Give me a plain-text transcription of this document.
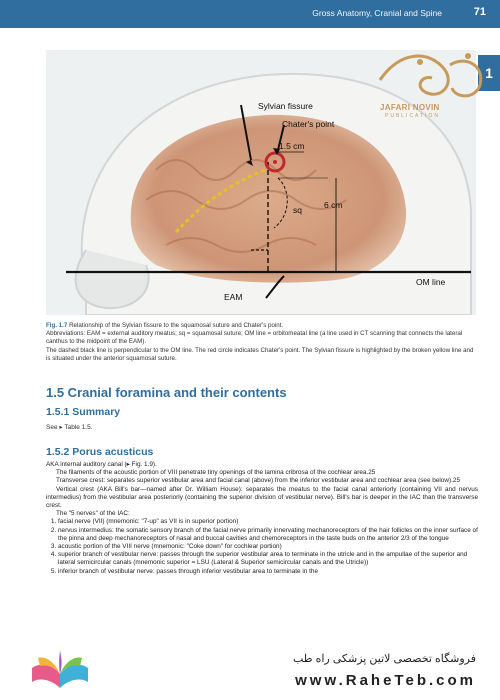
Gross Anatomy, Cranial and Spine	71
1
Sylvian fissure
Chater's point
1.5 cm
6 cm
sq
EAM
OM line
JAFARI NOVIN
PUBLICATION

Fig. 1.7 Relationship of the Sylvian fissure to the squamosal suture and Chater's point.

Abbreviations: EAM = external auditory meatus; sq = squamosal suture; OM line = orbitomeatal line (a line used in CT scanning that connects the lateral canthus to the midpoint of the EAM).

The dashed black line is perpendicular to the OM line. The red circle indicates Chater's point. The Sylvian fissure is highlighted by the broken yellow line and is situated under the anterior squamosal suture.

1.5 Cranial foramina and their contents
1.5.1 Summary
See ▸ Table 1.5.
1.5.2 Porus acusticus

AKA internal auditory canal (▸ Fig. 1.9).

The filaments of the acoustic portion of VIII penetrate tiny openings of the lamina cribrosa of the cochlear area.25

Transverse crest: separates superior vestibular area and facial canal (above) from the inferior vestibular area and cochlear area (see below).25

Vertical crest (AKA Bill's bar—named after Dr. William House): separates the meatus to the facial canal anteriorly (containing VII and nervus intermedius) from the vestibular area posteriorly (containing the superior division of vestibular nerve). Bill's bar is deeper in the IAC than the transverse crest.

The "5 nerves" of the IAC:

1. facial nerve (VII) (mnemonic: "7-up" as VII is in superior portion)
2. nervus intermedius: the somatic sensory branch of the facial nerve primarily innervating mechanoreceptors of the hair follicles on the inner surface of the pinna and deep mechanoreceptors of nasal and buccal cavities and chemoreceptors in the taste buds on the anterior 2/3 of the tongue
3. acoustic portion of the VIII nerve (mnemonic: "Coke down" for cochlear portion)
4. superior branch of vestibular nerve: passes through the superior vestibular area to terminate in the utricle and in the ampullae of the superior and lateral semicircular canals (mnemonic superior = LSU (Lateral & Superior semicircular canals and the Utricle))
5. inferior branch of vestibular nerve: passes through inferior vestibular area to terminate in the
فروشگاه تخصصی لاتین پزشکی راه طب
www.RaheTeb.com
